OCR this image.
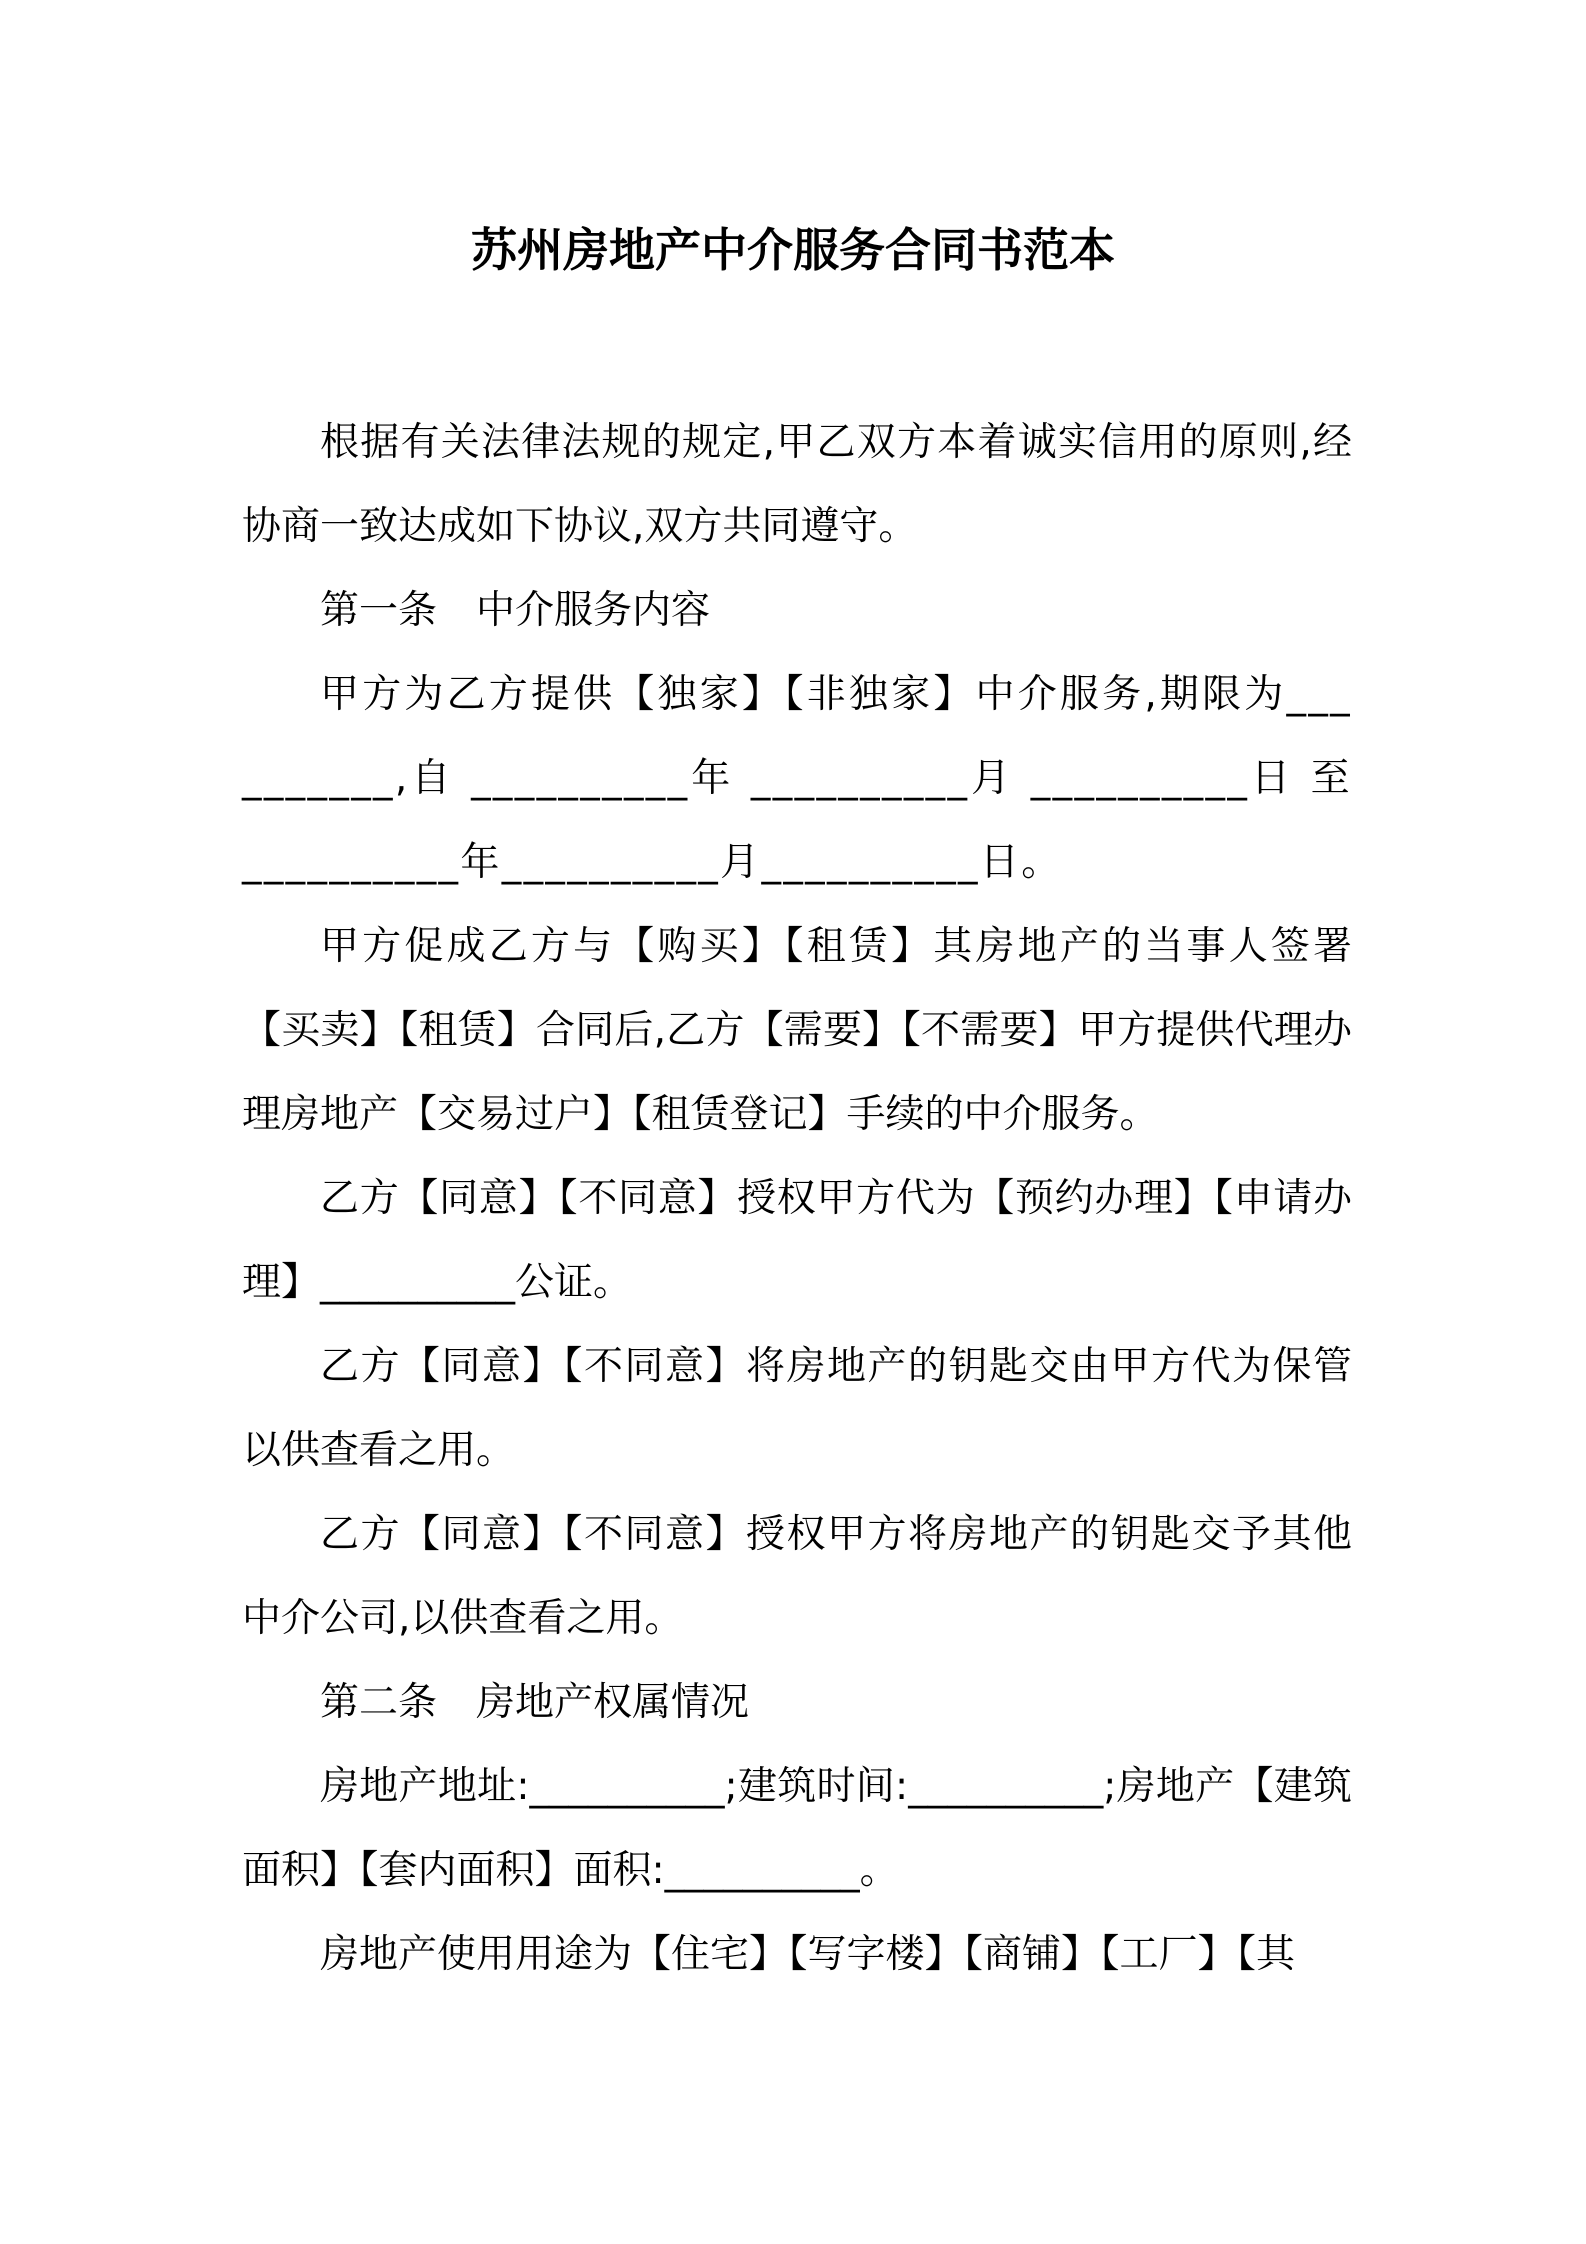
苏州房地产中介服务合同书范本

根据有关法律法规的规定,甲乙双方本着诚实信用的原则,经协商一致达成如下协议,双方共同遵守。

第一条　中介服务内容

甲方为乙方提供【独家】【非独家】中介服务,期限为__________,自 __________年 __________月 __________日 至__________年__________月__________日。

甲方促成乙方与【购买】【租赁】其房地产的当事人签署【买卖】【租赁】合同后,乙方【需要】【不需要】甲方提供代理办理房地产【交易过户】【租赁登记】手续的中介服务。

乙方【同意】【不同意】授权甲方代为【预约办理】【申请办理】__________公证。

乙方【同意】【不同意】将房地产的钥匙交由甲方代为保管以供查看之用。

乙方【同意】【不同意】授权甲方将房地产的钥匙交予其他中介公司,以供查看之用。

第二条　房地产权属情况

房地产地址:__________;建筑时间:__________;房地产【建筑面积】【套内面积】面积:__________。

房地产使用用途为【住宅】【写字楼】【商铺】【工厂】【其
